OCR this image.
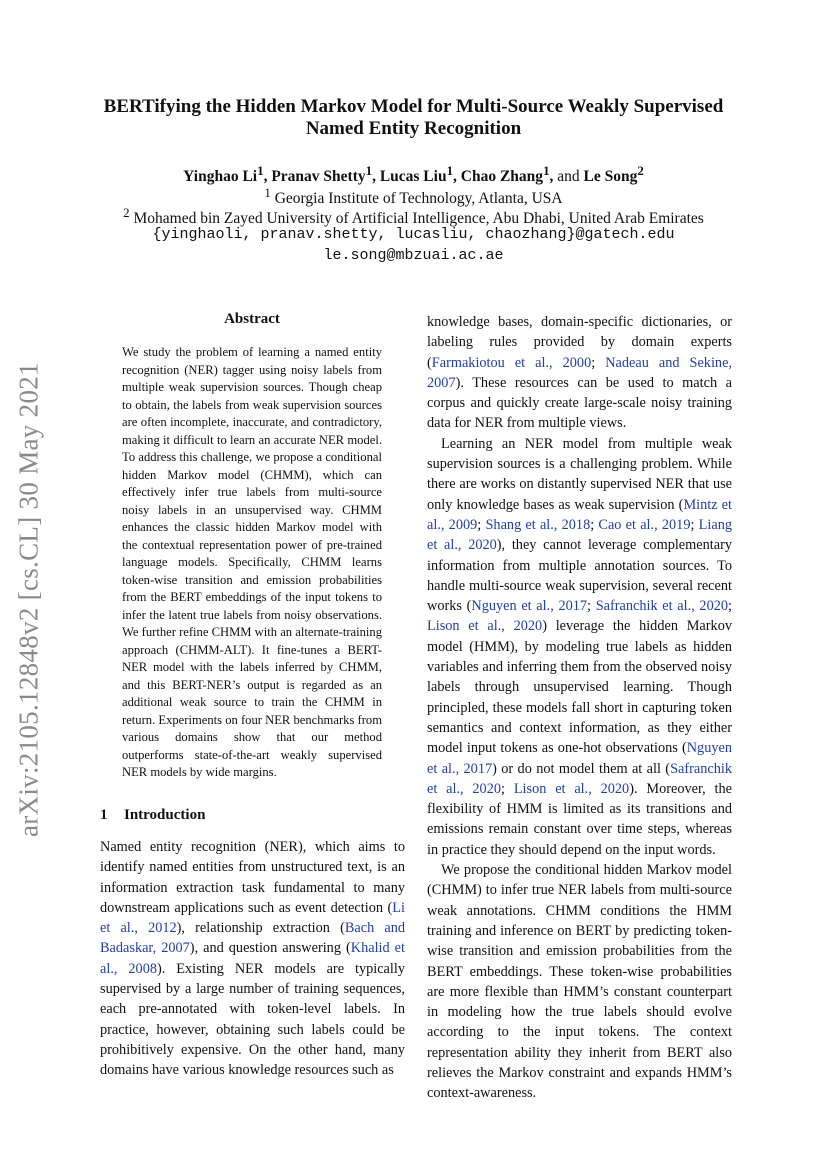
arXiv:2105.12848v2 [cs.CL] 30 May 2021
BERTifying the Hidden Markov Model for Multi-Source Weakly Supervised Named Entity Recognition
Yinghao Li$^1$, Pranav Shetty$^1$, Lucas Liu$^1$, Chao Zhang$^1$, and Le Song$^2$
$^1$ Georgia Institute of Technology, Atlanta, USA
$^2$ Mohamed bin Zayed University of Artificial Intelligence, Abu Dhabi, United Arab Emirates
{yinghaoli, pranav.shetty, lucasliu, chaozhang}@gatech.edu
le.song@mbzuai.ac.ae
Abstract
We study the problem of learning a named entity recognition (NER) tagger using noisy labels from multiple weak supervision sources. Though cheap to obtain, the labels from weak supervision sources are often incomplete, inaccurate, and contradictory, making it difficult to learn an accurate NER model. To address this challenge, we propose a conditional hidden Markov model (CHMM), which can effectively infer true labels from multi-source noisy labels in an unsupervised way. CHMM enhances the classic hidden Markov model with the contextual representation power of pre-trained language models. Specifically, CHMM learns token-wise transition and emission probabilities from the BERT embeddings of the input tokens to infer the latent true labels from noisy observations. We further refine CHMM with an alternate-training approach (CHMM-ALT). It fine-tunes a BERT-NER model with the labels inferred by CHMM, and this BERT-NER’s output is regarded as an additional weak source to train the CHMM in return. Experiments on four NER benchmarks from various domains show that our method outperforms state-of-the-art weakly supervised NER models by wide margins.
1 Introduction

Named entity recognition (NER), which aims to identify named entities from unstructured text, is an information extraction task fundamental to many downstream applications such as event detection (Li et al., 2012), relationship extraction (Bach and Badaskar, 2007), and question answering (Khalid et al., 2008). Existing NER models are typically supervised by a large number of training sequences, each pre-annotated with token-level labels. In practice, however, obtaining such labels could be prohibitively expensive. On the other hand, many domains have various knowledge resources such as

knowledge bases, domain-specific dictionaries, or labeling rules provided by domain experts (Farmakiotou et al., 2000; Nadeau and Sekine, 2007). These resources can be used to match a corpus and quickly create large-scale noisy training data for NER from multiple views.

Learning an NER model from multiple weak supervision sources is a challenging problem. While there are works on distantly supervised NER that use only knowledge bases as weak supervision (Mintz et al., 2009; Shang et al., 2018; Cao et al., 2019; Liang et al., 2020), they cannot leverage complementary information from multiple annotation sources. To handle multi-source weak supervision, several recent works (Nguyen et al., 2017; Safranchik et al., 2020; Lison et al., 2020) leverage the hidden Markov model (HMM), by modeling true labels as hidden variables and inferring them from the observed noisy labels through unsupervised learning. Though principled, these models fall short in capturing token semantics and context information, as they either model input tokens as one-hot observations (Nguyen et al., 2017) or do not model them at all (Safranchik et al., 2020; Lison et al., 2020). Moreover, the flexibility of HMM is limited as its transitions and emissions remain constant over time steps, whereas in practice they should depend on the input words.

We propose the conditional hidden Markov model (CHMM) to infer true NER labels from multi-source weak annotations. CHMM conditions the HMM training and inference on BERT by predicting token-wise transition and emission probabilities from the BERT embeddings. These token-wise probabilities are more flexible than HMM’s constant counterpart in modeling how the true labels should evolve according to the input tokens. The context representation ability they inherit from BERT also relieves the Markov constraint and expands HMM’s context-awareness.
